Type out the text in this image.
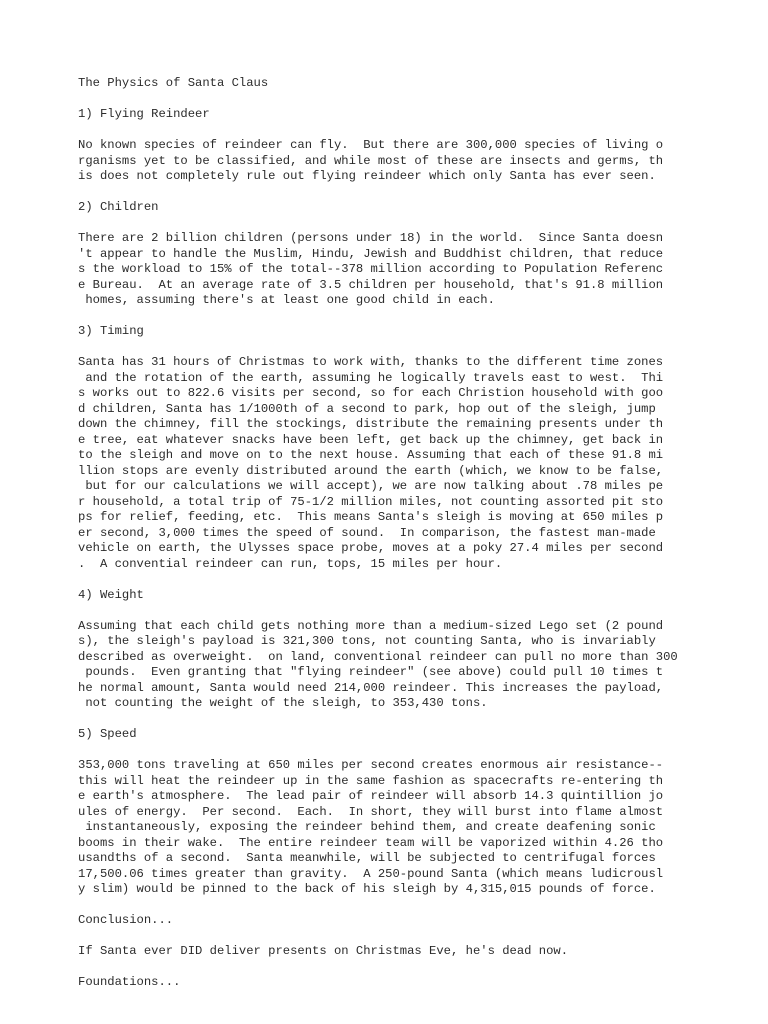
The Physics of Santa Claus
1) Flying Reindeer
No known species of reindeer can fly.  But there are 300,000 species of living o
rganisms yet to be classified, and while most of these are insects and germs, th
is does not completely rule out flying reindeer which only Santa has ever seen.
2) Children
There are 2 billion children (persons under 18) in the world.  Since Santa doesn
't appear to handle the Muslim, Hindu, Jewish and Buddhist children, that reduce
s the workload to 15% of the total--378 million according to Population Referenc
e Bureau.  At an average rate of 3.5 children per household, that's 91.8 million
homes, assuming there's at least one good child in each.
3) Timing
Santa has 31 hours of Christmas to work with, thanks to the different time zones
and the rotation of the earth, assuming he logically travels east to west.  Thi
s works out to 822.6 visits per second, so for each Christion household with goo
d children, Santa has 1/1000th of a second to park, hop out of the sleigh, jump
down the chimney, fill the stockings, distribute the remaining presents under th
e tree, eat whatever snacks have been left, get back up the chimney, get back in
to the sleigh and move on to the next house. Assuming that each of these 91.8 mi
llion stops are evenly distributed around the earth (which, we know to be false,
but for our calculations we will accept), we are now talking about .78 miles pe
r household, a total trip of 75-1/2 million miles, not counting assorted pit sto
ps for relief, feeding, etc.  This means Santa's sleigh is moving at 650 miles p
er second, 3,000 times the speed of sound.  In comparison, the fastest man-made
vehicle on earth, the Ulysses space probe, moves at a poky 27.4 miles per second
.  A convential reindeer can run, tops, 15 miles per hour.
4) Weight
Assuming that each child gets nothing more than a medium-sized Lego set (2 pound
s), the sleigh's payload is 321,300 tons, not counting Santa, who is invariably
described as overweight.  on land, conventional reindeer can pull no more than 300
pounds.  Even granting that "flying reindeer" (see above) could pull 10 times t
he normal amount, Santa would need 214,000 reindeer. This increases the payload,
not counting the weight of the sleigh, to 353,430 tons.
5) Speed
353,000 tons traveling at 650 miles per second creates enormous air resistance--
this will heat the reindeer up in the same fashion as spacecrafts re-entering th
e earth's atmosphere.  The lead pair of reindeer will absorb 14.3 quintillion jo
ules of energy.  Per second.  Each.  In short, they will burst into flame almost
instantaneously, exposing the reindeer behind them, and create deafening sonic
booms in their wake.  The entire reindeer team will be vaporized within 4.26 tho
usandths of a second.  Santa meanwhile, will be subjected to centrifugal forces
17,500.06 times greater than gravity.  A 250-pound Santa (which means ludicrousl
y slim) would be pinned to the back of his sleigh by 4,315,015 pounds of force.
Conclusion...
If Santa ever DID deliver presents on Christmas Eve, he's dead now.
Foundations...
